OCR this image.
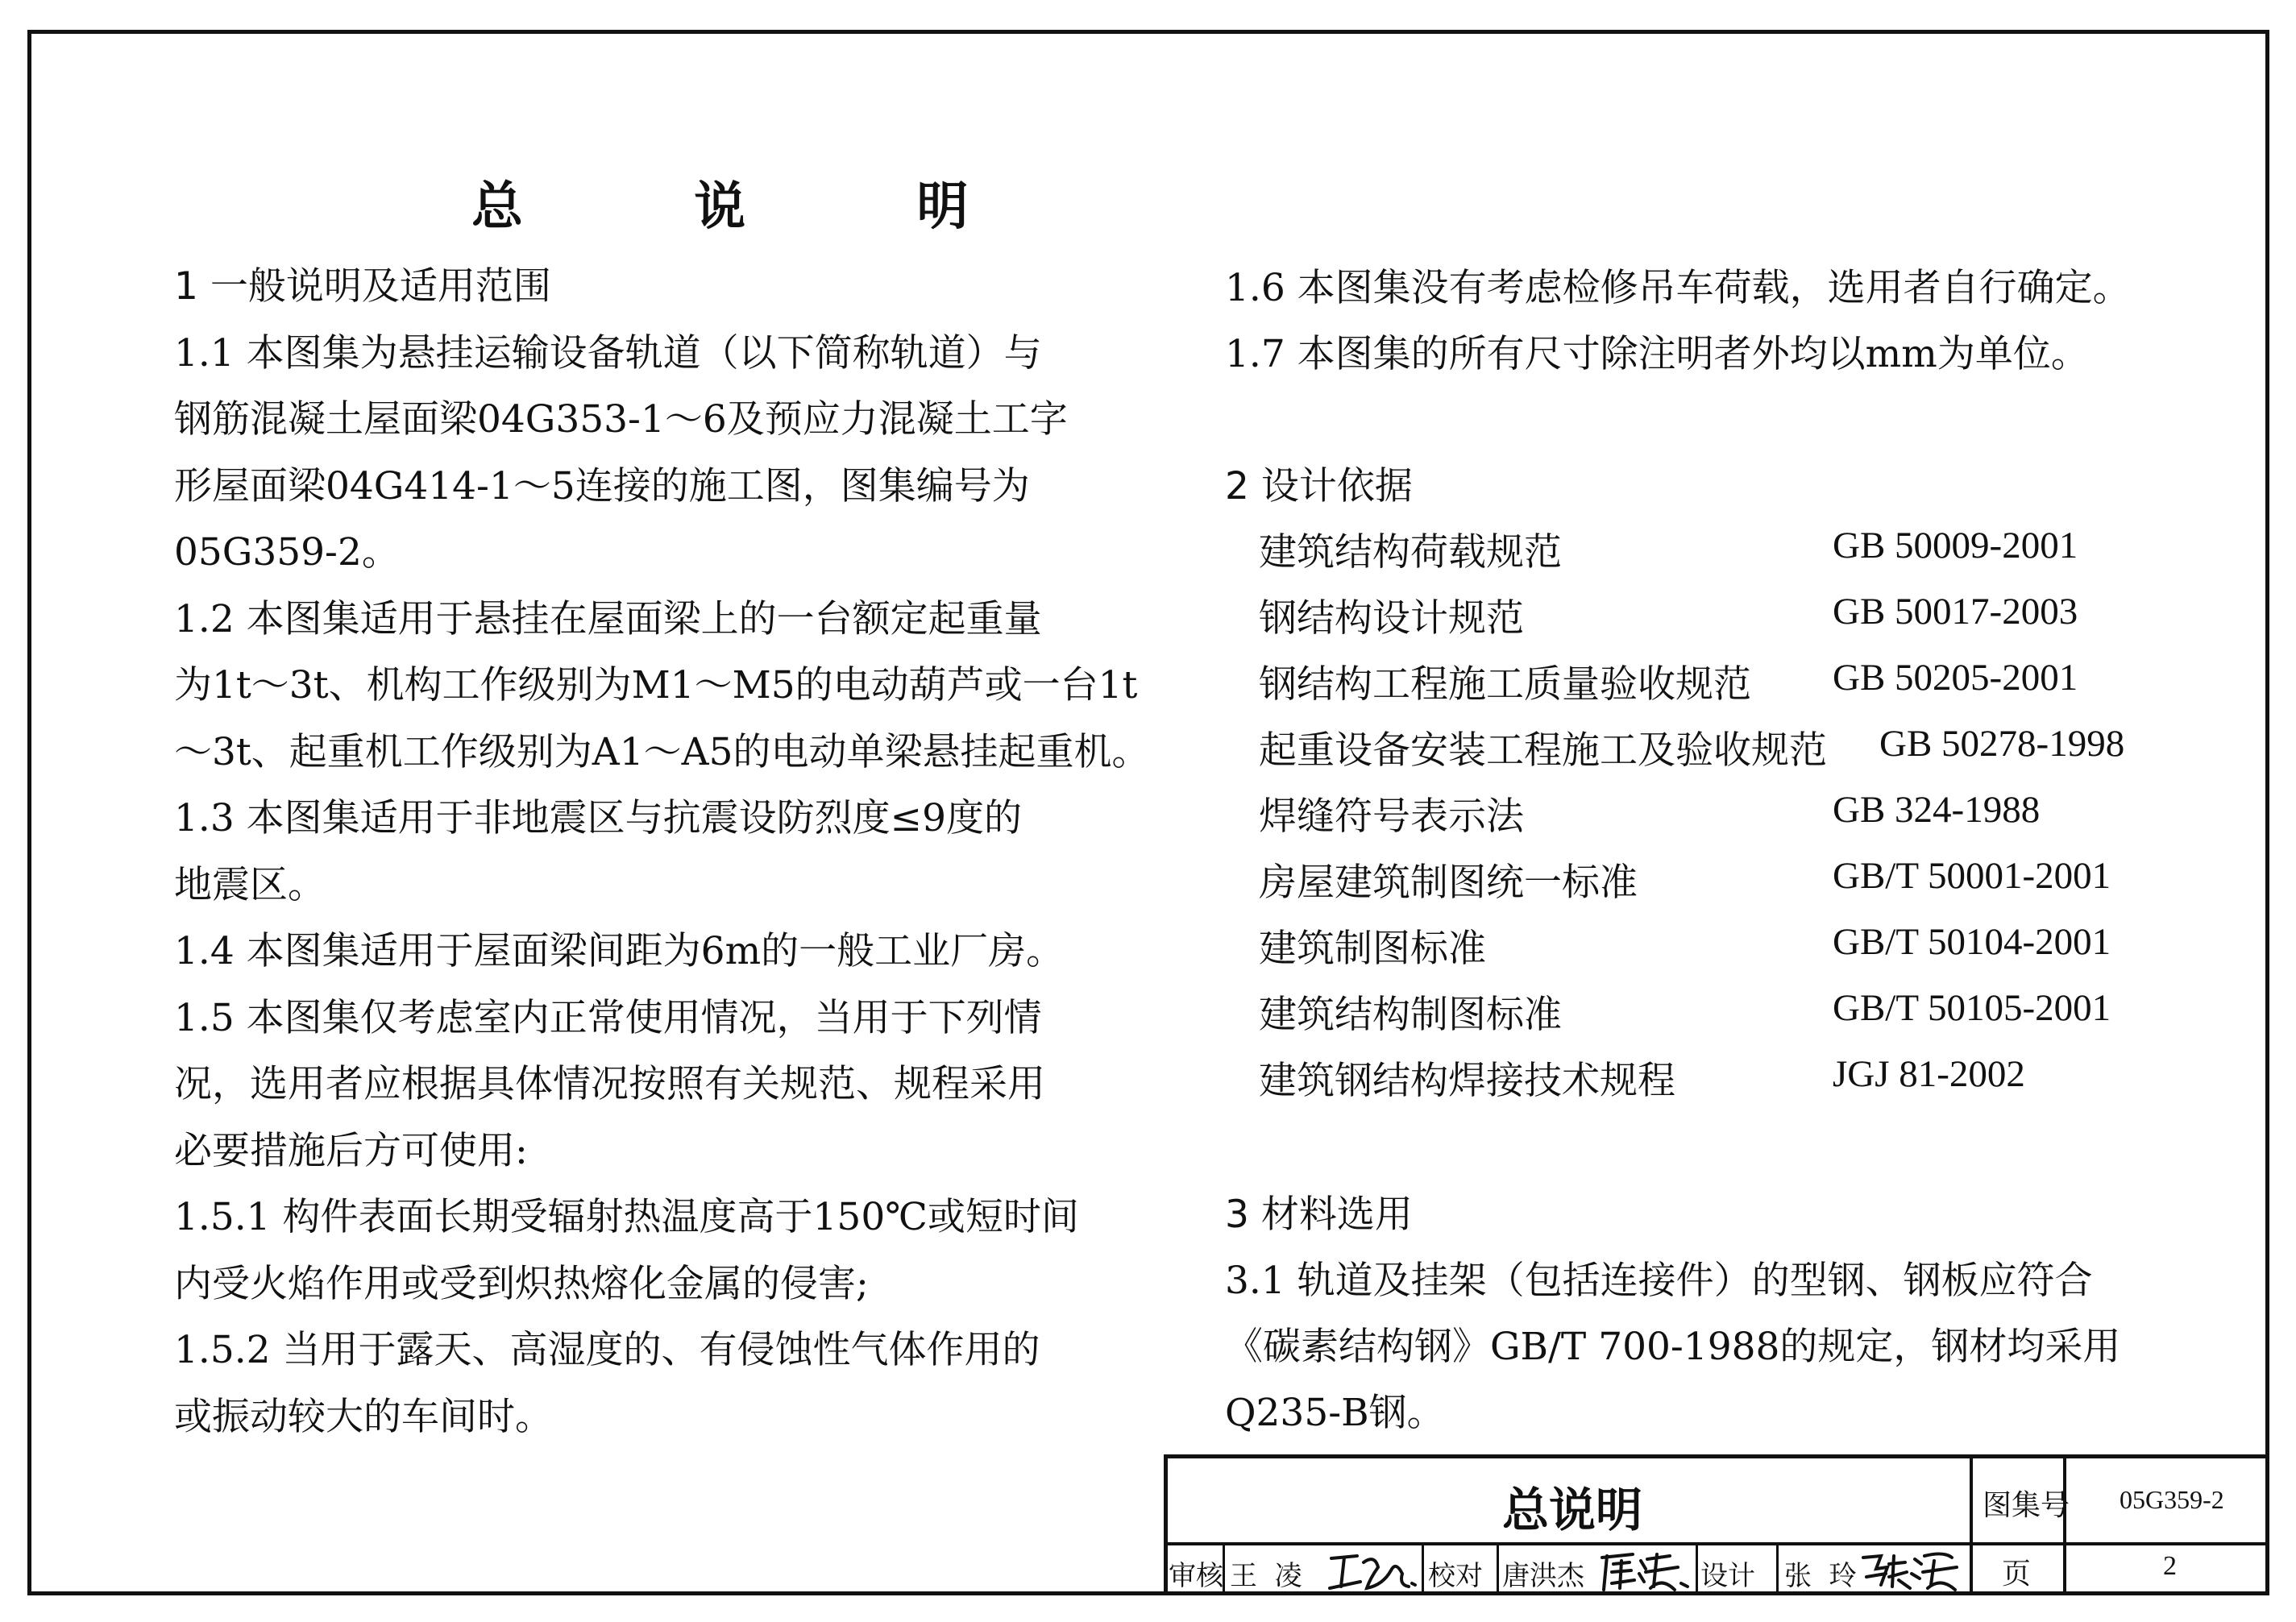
总 说 明
1 一般说明及适用范围
1.1 本图集为悬挂运输设备轨道（以下简称轨道）与
钢筋混凝土屋面梁04G353-1～6及预应力混凝土工字
形屋面梁04G414-1～5连接的施工图，图集编号为
05G359-2。
1.2 本图集适用于悬挂在屋面梁上的一台额定起重量
为1t～3t、机构工作级别为M1～M5的电动葫芦或一台1t
～3t、起重机工作级别为A1～A5的电动单梁悬挂起重机。
1.3 本图集适用于非地震区与抗震设防烈度≤9度的
地震区。
1.4 本图集适用于屋面梁间距为6m的一般工业厂房。
1.5 本图集仅考虑室内正常使用情况，当用于下列情
况，选用者应根据具体情况按照有关规范、规程采用
必要措施后方可使用:
1.5.1 构件表面长期受辐射热温度高于150℃或短时间
内受火焰作用或受到炽热熔化金属的侵害;
1.5.2 当用于露天、高湿度的、有侵蚀性气体作用的
或振动较大的车间时。
1.6 本图集没有考虑检修吊车荷载，选用者自行确定。
1.7 本图集的所有尺寸除注明者外均以mm为单位。
2 设计依据
建筑结构荷载规范	GB 50009-2001
钢结构设计规范	GB 50017-2003
钢结构工程施工质量验收规范 GB 50205-2001
起重设备安装工程施工及验收规范 GB 50278-1998
焊缝符号表示法	GB 324-1988
房屋建筑制图统一标准	GB/T 50001-2001
建筑制图标准	GB/T 50104-2001
建筑结构制图标准	GB/T 50105-2001
建筑钢结构焊接技术规程	JGJ 81-2002
3 材料选用
3.1 轨道及挂架（包括连接件）的型钢、钢板应符合
《碳素结构钢》GB/T 700-1988的规定，钢材均采用
Q235-B钢。
总说明	图集号 05G359-2
页	2
审核 王  凌	校对 唐洪杰	设计 张  玲
